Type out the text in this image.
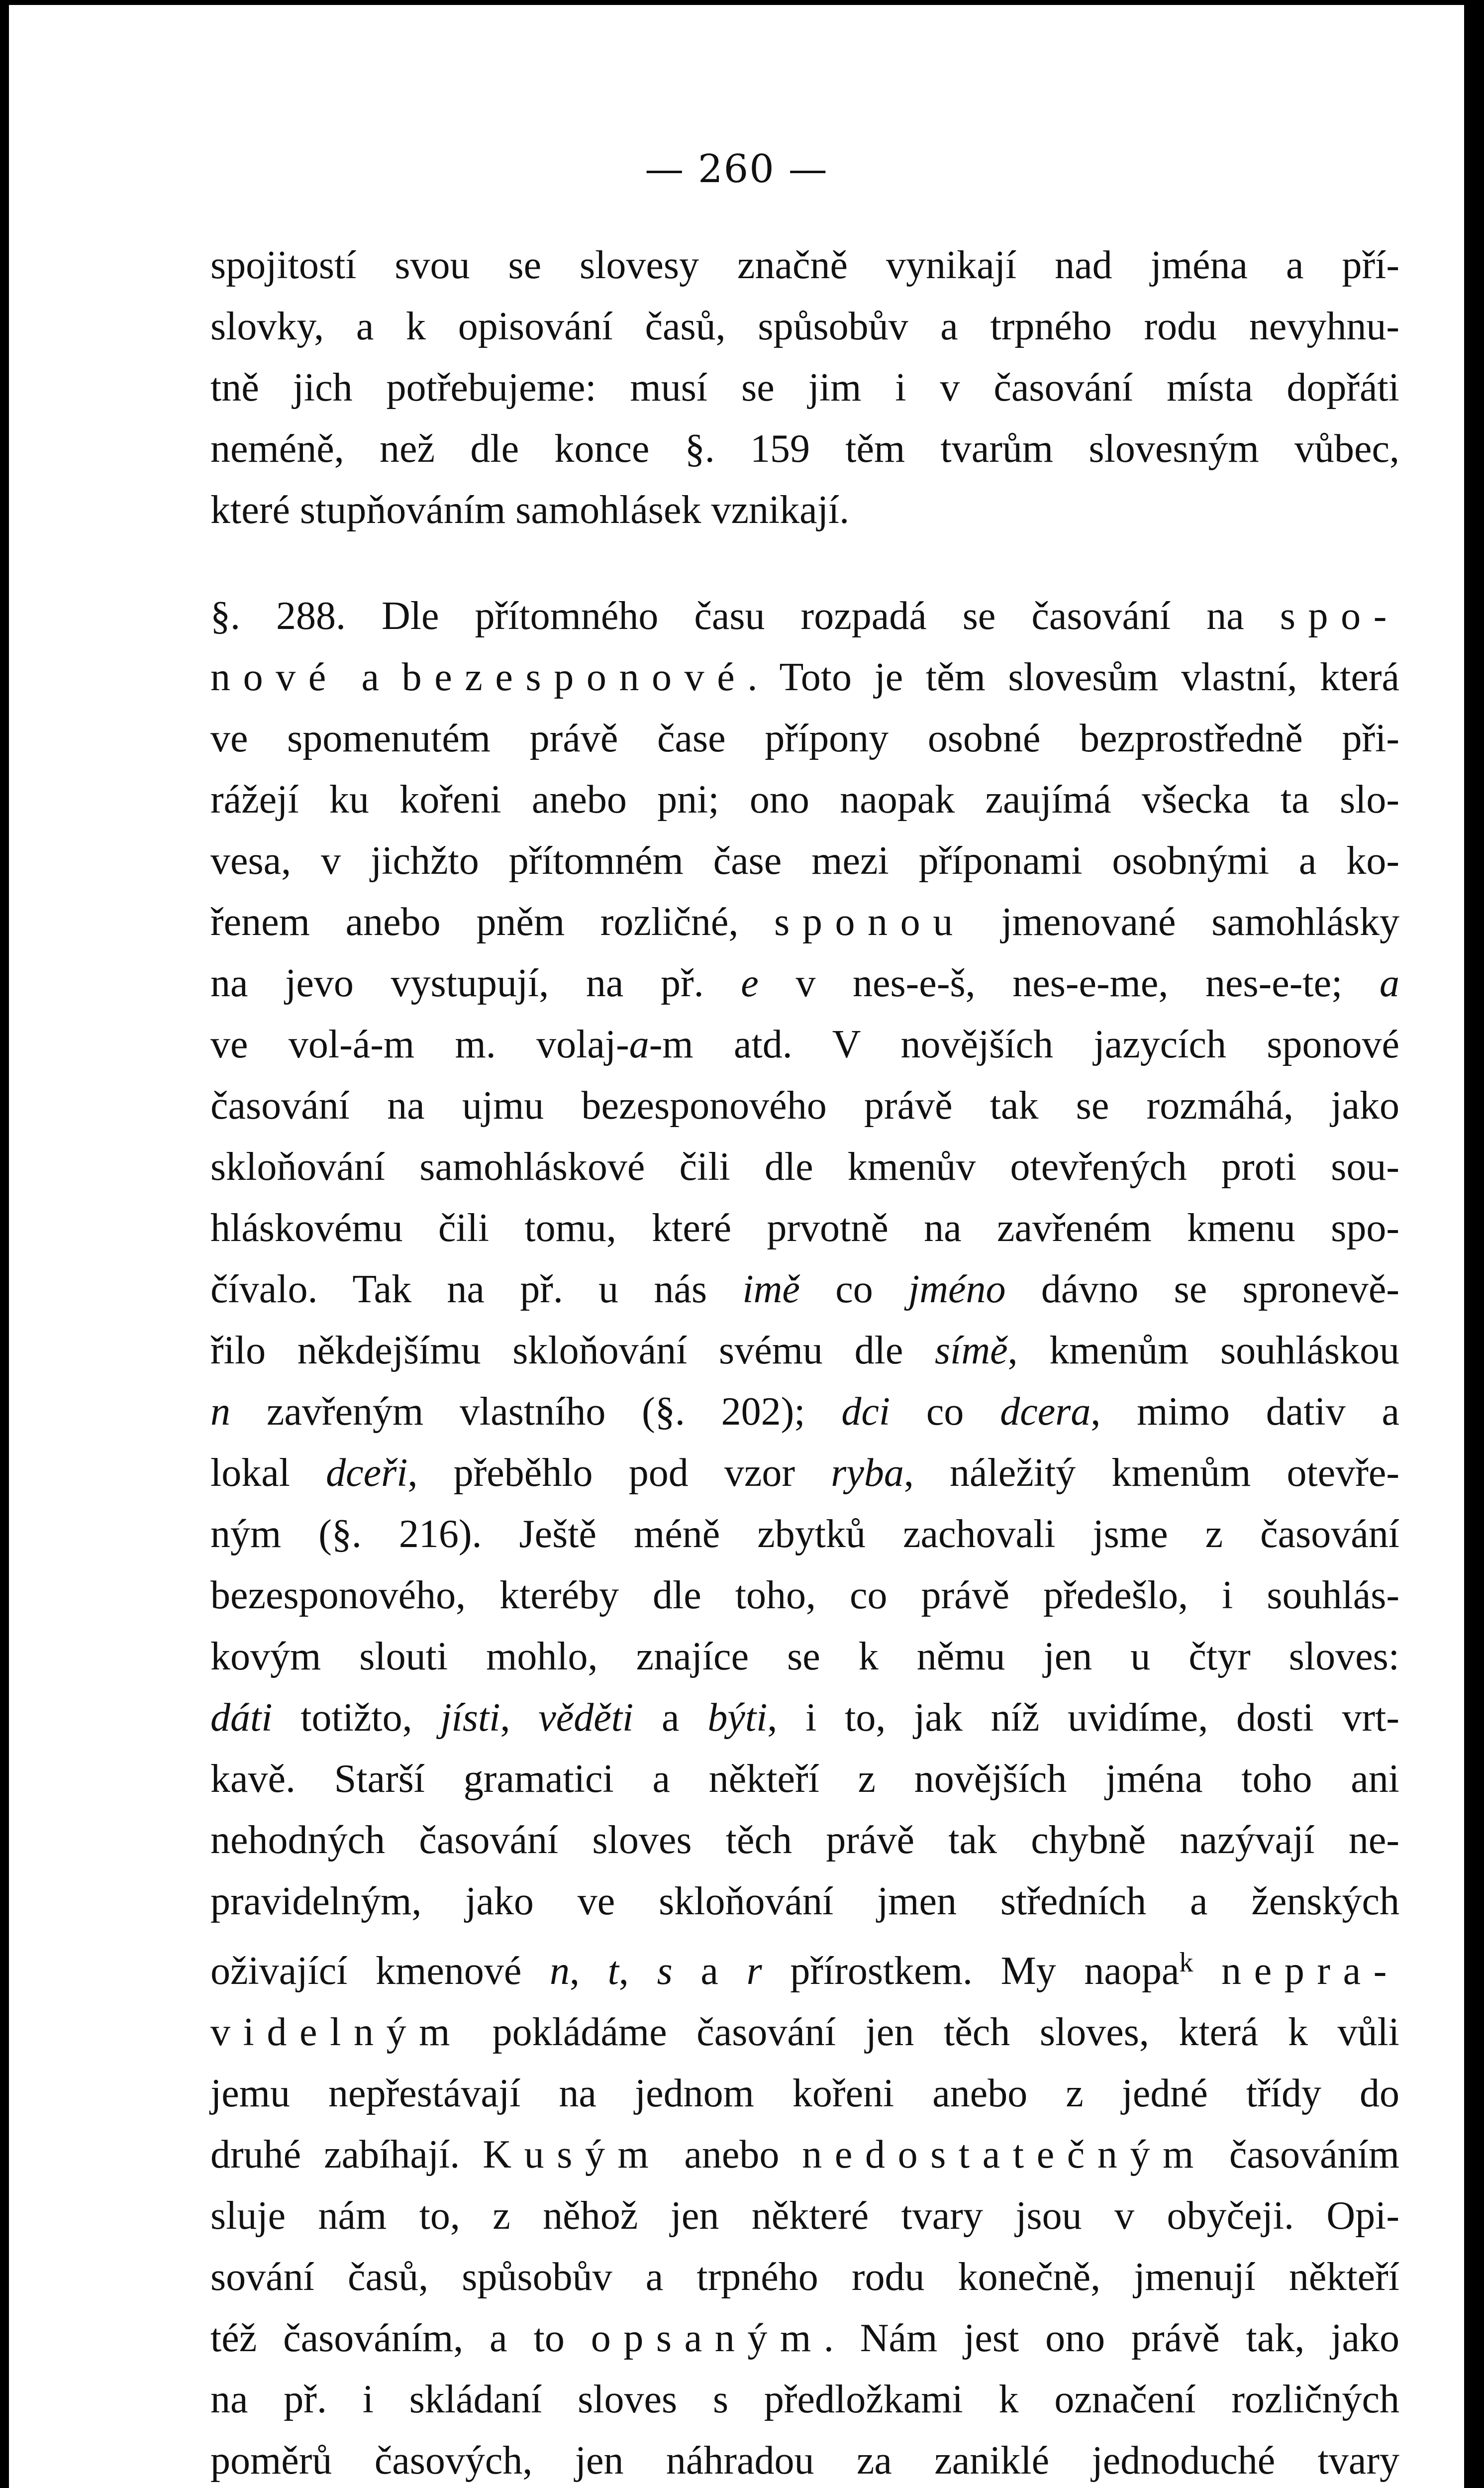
— 260 —
spojitostí svou se slovesy značně vynikají nad jména a pří-
slovky, a k opisování časů, spůsobův a trpného rodu nevyhnu-
tně jich potřebujeme: musí se jim i v časování místa dopřáti
neméně, než dle konce §. 159 těm tvarům slovesným vůbec,
které stupňováním samohlásek vznikají.
§. 288. Dle přítomného času rozpadá se časování na spo-
nové a bezesponové. Toto je těm slovesům vlastní, která
ve spomenutém právě čase přípony osobné bezprostředně při-
rážejí ku kořeni anebo pni; ono naopak zaujímá všecka ta slo-
vesa, v jichžto přítomném čase mezi příponami osobnými a ko-
řenem anebo pněm rozličné, sponou jmenované samohlásky
na jevo vystupují, na př. e v nes-e-š, nes-e-me, nes-e-te; a
ve vol-á-m m. volaj-a-m atd. V novějších jazycích sponové
časování na ujmu bezesponového právě tak se rozmáhá, jako
skloňování samohláskové čili dle kmenův otevřených proti sou-
hláskovému čili tomu, které prvotně na zavřeném kmenu spo-
čívalo. Tak na př. u nás imě co jméno dávno se spronevě-
řilo někdejšímu skloňování svému dle símě, kmenům souhláskou
n zavřeným vlastního (§. 202); dci co dcera, mimo dativ a
lokal dceři, přeběhlo pod vzor ryba, náležitý kmenům otevře-
ným (§. 216). Ještě méně zbytků zachovali jsme z časování
bezesponového, kteréby dle toho, co právě předešlo, i souhlás-
kovým slouti mohlo, znajíce se k němu jen u čtyr sloves:
dáti totižto, jísti, věděti a býti, i to, jak níž uvidíme, dosti vrt-
kavě. Starší gramatici a někteří z novějších jména toho ani
nehodných časování sloves těch právě tak chybně nazývají ne-
pravidelným, jako ve skloňování jmen středních a ženských
oživající kmenové n, t, s a r přírostkem. My naopa$^k$ nepra-
videlným pokládáme časování jen těch sloves, která k vůli
jemu nepřestávají na jednom kořeni anebo z jedné třídy do
druhé zabíhají. Kusým anebo nedostatečným časováním
sluje nám to, z něhož jen některé tvary jsou v obyčeji. Opi-
sování časů, spůsobův a trpného rodu konečně, jmenují někteří
též časováním, a to opsaným. Nám jest ono právě tak, jako
na př. i skládaní sloves s předložkami k označení rozličných
poměrů časových, jen náhradou za zaniklé jednoduché tvary
